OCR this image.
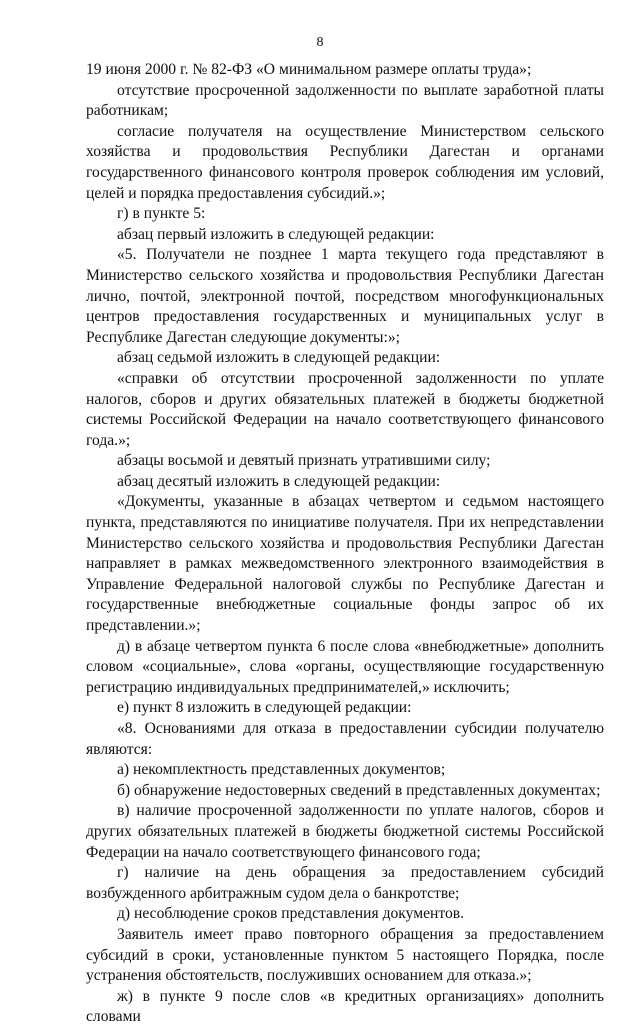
8

19 июня 2000 г. № 82-ФЗ «О минимальном размере оплаты труда»;

отсутствие просроченной задолженности по выплате заработной платы работникам;

согласие получателя на осуществление Министерством сельского хозяйства и продовольствия Республики Дагестан и органами государственного финансового контроля проверок соблюдения им условий, целей и порядка предоставления субсидий.»;

г) в пункте 5:

абзац первый изложить в следующей редакции:

«5. Получатели не позднее 1 марта текущего года представляют в Министерство сельского хозяйства и продовольствия Республики Дагестан лично, почтой, электронной почтой, посредством многофункциональных центров предоставления государственных и муниципальных услуг в Республике Дагестан следующие документы:»;

абзац седьмой изложить в следующей редакции:

«справки об отсутствии просроченной задолженности по уплате налогов, сборов и других обязательных платежей в бюджеты бюджетной системы Российской Федерации на начало соответствующего финансового года.»;

абзацы восьмой и девятый признать утратившими силу;

абзац десятый изложить в следующей редакции:

«Документы, указанные в абзацах четвертом и седьмом настоящего пункта, представляются по инициативе получателя. При их непредставлении Министерство сельского хозяйства и продовольствия Республики Дагестан направляет в рамках межведомственного электронного взаимодействия в Управление Федеральной налоговой службы по Республике Дагестан и государственные внебюджетные социальные фонды запрос об их представлении.»;

д) в абзаце четвертом пункта 6 после слова «внебюджетные» дополнить словом «социальные», слова «органы, осуществляющие государственную регистрацию индивидуальных предпринимателей,» исключить;

е) пункт 8 изложить в следующей редакции:

«8. Основаниями для отказа в предоставлении субсидии получателю являются:

а) некомплектность представленных документов;

б) обнаружение недостоверных сведений в представленных документах;

в) наличие просроченной задолженности по уплате налогов, сборов и других обязательных платежей в бюджеты бюджетной системы Российской Федерации на начало соответствующего финансового года;

г) наличие на день обращения за предоставлением субсидий возбужденного арбитражным судом дела о банкротстве;

д) несоблюдение сроков представления документов.

Заявитель имеет право повторного обращения за предоставлением субсидий в сроки, установленные пунктом 5 настоящего Порядка, после устранения обстоятельств, послуживших основанием для отказа.»;

ж) в пункте 9 после слов «в кредитных организациях» дополнить словами
